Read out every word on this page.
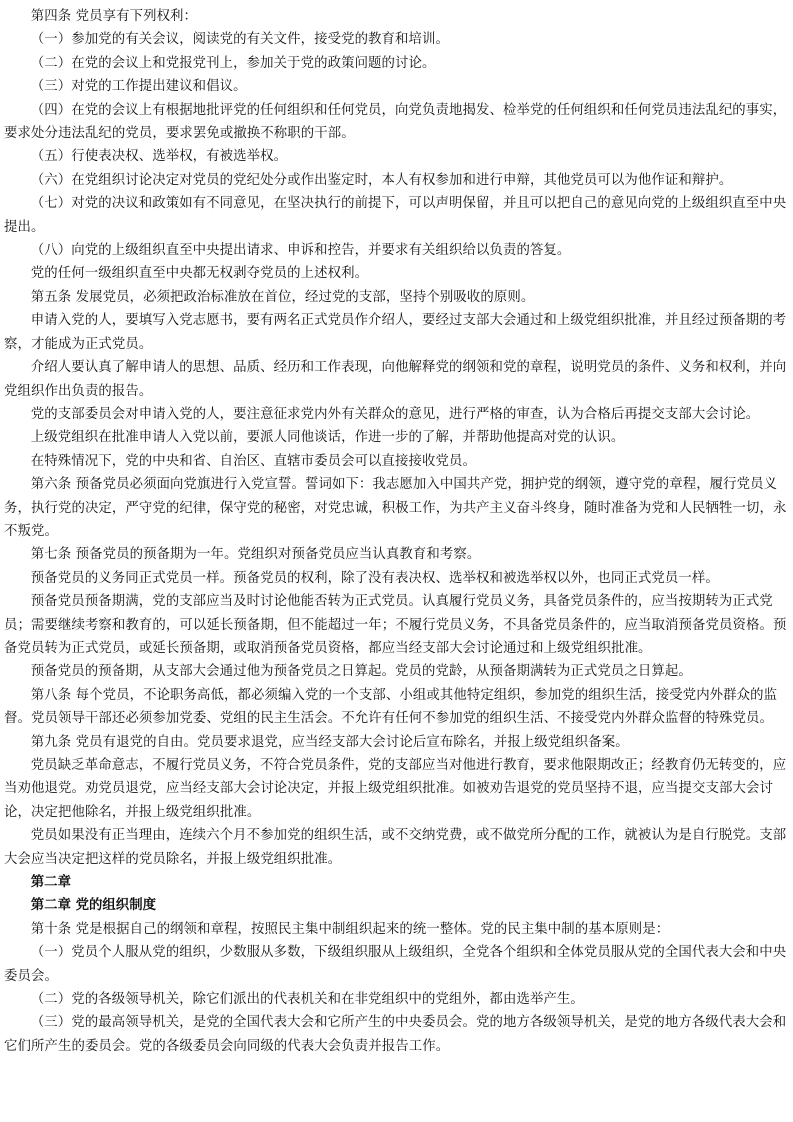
第四条 党员享有下列权利：

（一）参加党的有关会议，阅读党的有关文件，接受党的教育和培训。

（二）在党的会议上和党报党刊上，参加关于党的政策问题的讨论。

（三）对党的工作提出建议和倡议。

（四）在党的会议上有根据地批评党的任何组织和任何党员，向党负责地揭发、检举党的任何组织和任何党员违法乱纪的事实，要求处分违法乱纪的党员，要求罢免或撤换不称职的干部。

（五）行使表决权、选举权，有被选举权。

（六）在党组织讨论决定对党员的党纪处分或作出鉴定时，本人有权参加和进行申辩，其他党员可以为他作证和辩护。

（七）对党的决议和政策如有不同意见，在坚决执行的前提下，可以声明保留，并且可以把自己的意见向党的上级组织直至中央提出。

（八）向党的上级组织直至中央提出请求、申诉和控告，并要求有关组织给以负责的答复。

党的任何一级组织直至中央都无权剥夺党员的上述权利。

第五条 发展党员，必须把政治标准放在首位，经过党的支部，坚持个别吸收的原则。

申请入党的人，要填写入党志愿书，要有两名正式党员作介绍人，要经过支部大会通过和上级党组织批准，并且经过预备期的考察，才能成为正式党员。

介绍人要认真了解申请人的思想、品质、经历和工作表现，向他解释党的纲领和党的章程，说明党员的条件、义务和权利，并向党组织作出负责的报告。

党的支部委员会对申请入党的人，要注意征求党内外有关群众的意见，进行严格的审查，认为合格后再提交支部大会讨论。

上级党组织在批准申请人入党以前，要派人同他谈话，作进一步的了解，并帮助他提高对党的认识。

在特殊情况下，党的中央和省、自治区、直辖市委员会可以直接接收党员。

第六条 预备党员必须面向党旗进行入党宣誓。誓词如下：我志愿加入中国共产党，拥护党的纲领，遵守党的章程，履行党员义务，执行党的决定，严守党的纪律，保守党的秘密，对党忠诚，积极工作，为共产主义奋斗终身，随时准备为党和人民牺牲一切，永不叛党。

第七条 预备党员的预备期为一年。党组织对预备党员应当认真教育和考察。

预备党员的义务同正式党员一样。预备党员的权利，除了没有表决权、选举权和被选举权以外，也同正式党员一样。

预备党员预备期满，党的支部应当及时讨论他能否转为正式党员。认真履行党员义务，具备党员条件的，应当按期转为正式党员；需要继续考察和教育的，可以延长预备期，但不能超过一年；不履行党员义务，不具备党员条件的，应当取消预备党员资格。预备党员转为正式党员，或延长预备期，或取消预备党员资格，都应当经支部大会讨论通过和上级党组织批准。

预备党员的预备期，从支部大会通过他为预备党员之日算起。党员的党龄，从预备期满转为正式党员之日算起。

第八条 每个党员，不论职务高低，都必须编入党的一个支部、小组或其他特定组织，参加党的组织生活，接受党内外群众的监督。党员领导干部还必须参加党委、党组的民主生活会。不允许有任何不参加党的组织生活、不接受党内外群众监督的特殊党员。

第九条 党员有退党的自由。党员要求退党，应当经支部大会讨论后宣布除名，并报上级党组织备案。

党员缺乏革命意志，不履行党员义务，不符合党员条件，党的支部应当对他进行教育，要求他限期改正；经教育仍无转变的，应当劝他退党。劝党员退党，应当经支部大会讨论决定，并报上级党组织批准。如被劝告退党的党员坚持不退，应当提交支部大会讨论，决定把他除名，并报上级党组织批准。

党员如果没有正当理由，连续六个月不参加党的组织生活，或不交纳党费，或不做党所分配的工作，就被认为是自行脱党。支部大会应当决定把这样的党员除名，并报上级党组织批准。

第二章

第二章 党的组织制度

第十条 党是根据自己的纲领和章程，按照民主集中制组织起来的统一整体。党的民主集中制的基本原则是：

（一）党员个人服从党的组织，少数服从多数，下级组织服从上级组织，全党各个组织和全体党员服从党的全国代表大会和中央委员会。

（二）党的各级领导机关，除它们派出的代表机关和在非党组织中的党组外，都由选举产生。

（三）党的最高领导机关，是党的全国代表大会和它所产生的中央委员会。党的地方各级领导机关，是党的地方各级代表大会和它们所产生的委员会。党的各级委员会向同级的代表大会负责并报告工作。
